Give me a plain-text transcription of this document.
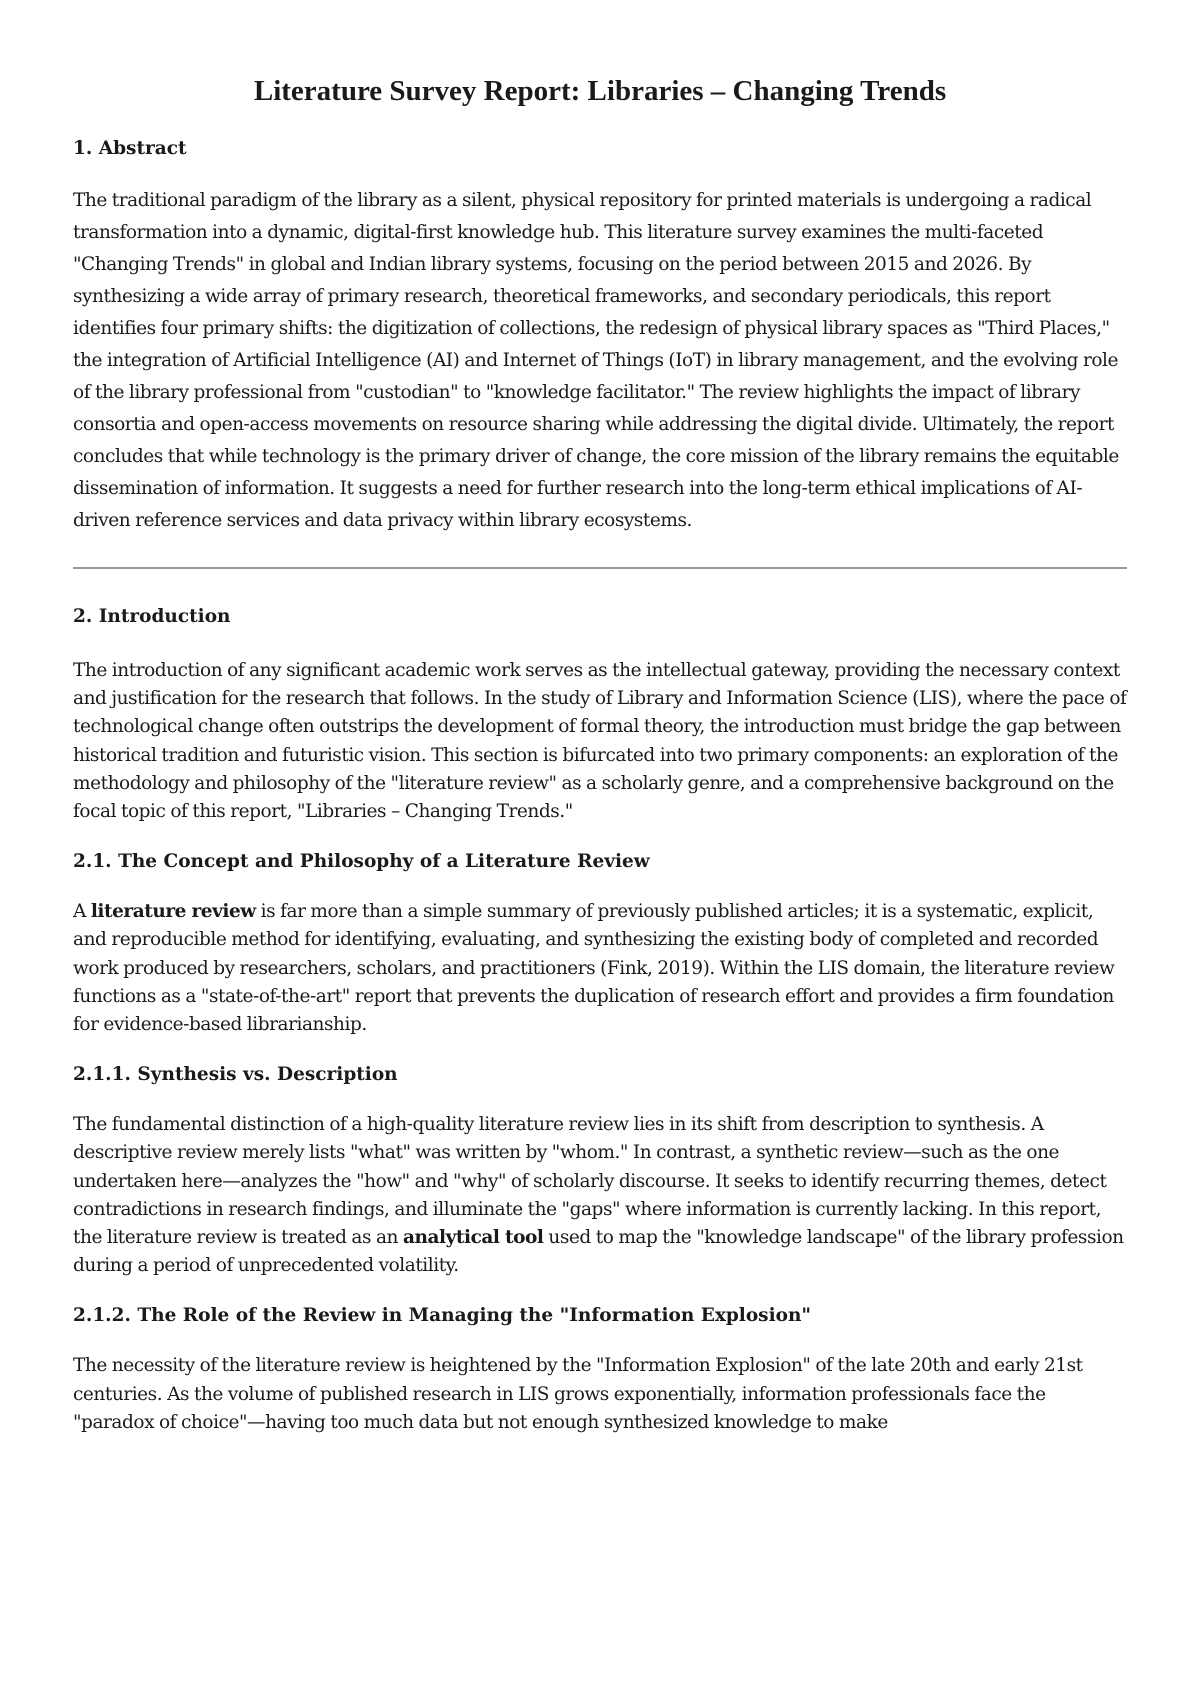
Literature Survey Report: Libraries – Changing Trends
1. Abstract

The traditional paradigm of the library as a silent, physical repository for printed materials is undergoing a radical transformation into a dynamic, digital-first knowledge hub. This literature survey examines the multi-faceted "Changing Trends" in global and Indian library systems, focusing on the period between 2015 and 2026. By synthesizing a wide array of primary research, theoretical frameworks, and secondary periodicals, this report identifies four primary shifts: the digitization of collections, the redesign of physical library spaces as "Third Places," the integration of Artificial Intelligence (AI) and Internet of Things (IoT) in library management, and the evolving role of the library professional from "custodian" to "knowledge facilitator." The review highlights the impact of library consortia and open-access movements on resource sharing while addressing the digital divide. Ultimately, the report concludes that while technology is the primary driver of change, the core mission of the library remains the equitable dissemination of information. It suggests a need for further research into the long-term ethical implications of AI-driven reference services and data privacy within library ecosystems.

2. Introduction

The introduction of any significant academic work serves as the intellectual gateway, providing the necessary context and justification for the research that follows. In the study of Library and Information Science (LIS), where the pace of technological change often outstrips the development of formal theory, the introduction must bridge the gap between historical tradition and futuristic vision. This section is bifurcated into two primary components: an exploration of the methodology and philosophy of the "literature review" as a scholarly genre, and a comprehensive background on the focal topic of this report, "Libraries – Changing Trends."

2.1. The Concept and Philosophy of a Literature Review

A literature review is far more than a simple summary of previously published articles; it is a systematic, explicit, and reproducible method for identifying, evaluating, and synthesizing the existing body of completed and recorded work produced by researchers, scholars, and practitioners (Fink, 2019). Within the LIS domain, the literature review functions as a "state-of-the-art" report that prevents the duplication of research effort and provides a firm foundation for evidence-based librarianship.

2.1.1. Synthesis vs. Description

The fundamental distinction of a high-quality literature review lies in its shift from description to synthesis. A descriptive review merely lists "what" was written by "whom." In contrast, a synthetic review—such as the one undertaken here—analyzes the "how" and "why" of scholarly discourse. It seeks to identify recurring themes, detect contradictions in research findings, and illuminate the "gaps" where information is currently lacking. In this report, the literature review is treated as an analytical tool used to map the "knowledge landscape" of the library profession during a period of unprecedented volatility.

2.1.2. The Role of the Review in Managing the "Information Explosion"

The necessity of the literature review is heightened by the "Information Explosion" of the late 20th and early 21st centuries. As the volume of published research in LIS grows exponentially, information professionals face the "paradox of choice"—having too much data but not enough synthesized knowledge to make
